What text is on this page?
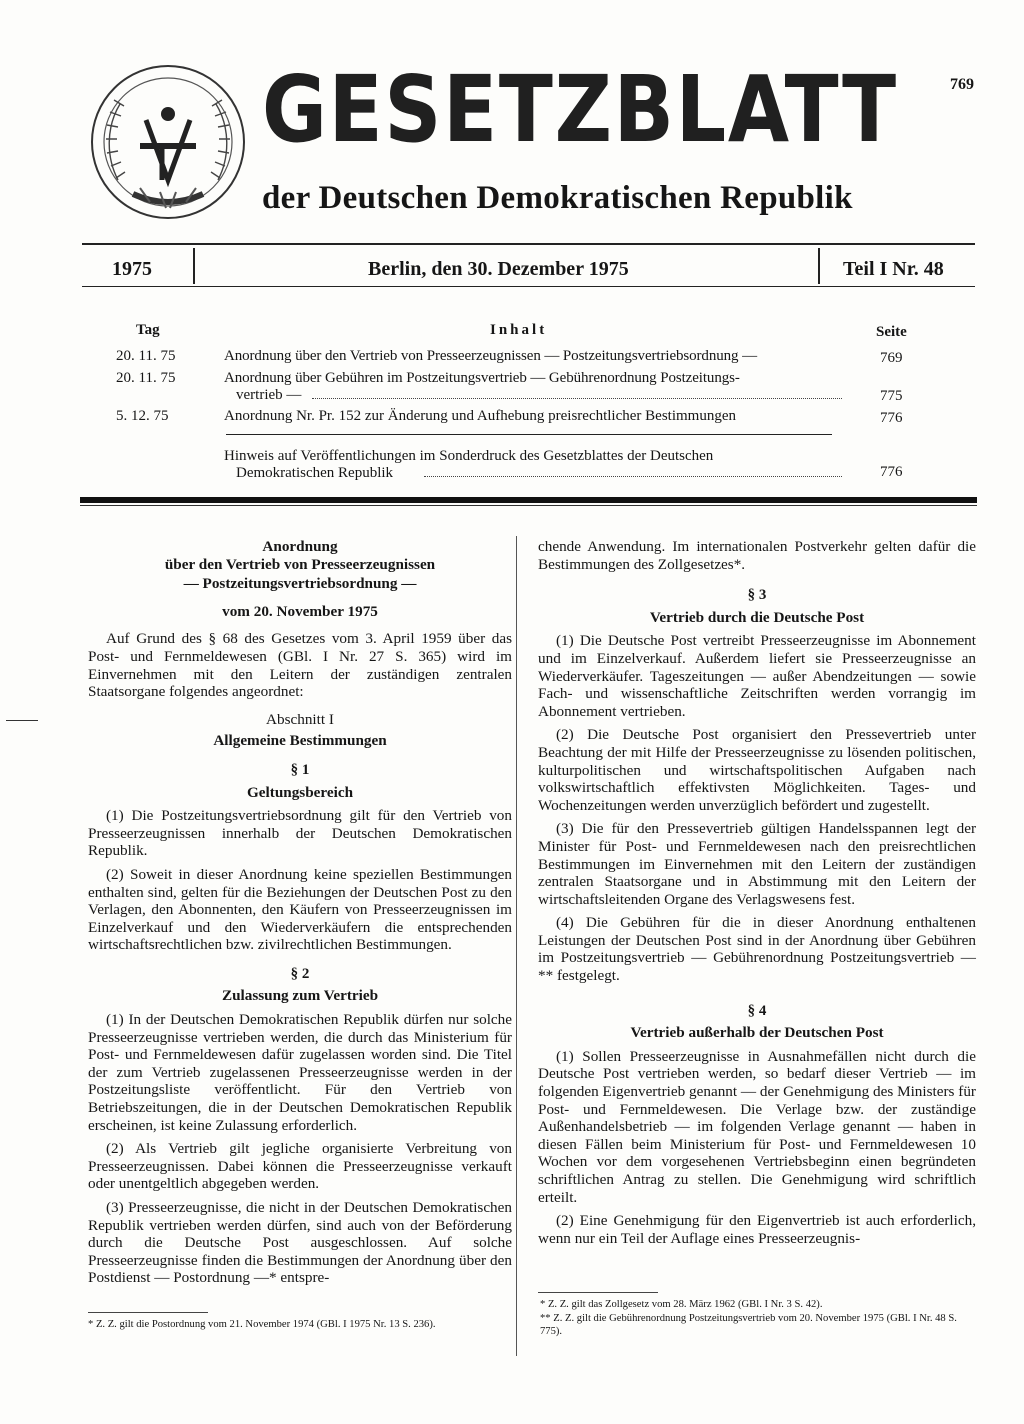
GESETZBLATT
der Deutschen Demokratischen Republik
769
1975	Berlin, den 30. Dezember 1975	Teil I Nr. 48
Tag	Inhalt	Seite
20. 11. 75	Anordnung über den Vertrieb von Presseerzeugnissen — Postzeitungsvertriebsordnung —	769
20. 11. 75	Anordnung über Gebühren im Postzeitungsvertrieb — Gebührenordnung Postzeitungs-
vertrieb —	775
5. 12. 75	Anordnung Nr. Pr. 152 zur Änderung und Aufhebung preisrechtlicher Bestimmungen	776
Hinweis auf Veröffentlichungen im Sonderdruck des Gesetzblattes der Deutschen
Demokratischen Republik	776
Anordnung
über den Vertrieb von Presseerzeugnissen
— Postzeitungsvertriebsordnung —
vom 20. November 1975

Auf Grund des § 68 des Gesetzes vom 3. April 1959 über das Post- und Fernmeldewesen (GBl. I Nr. 27 S. 365) wird im Einvernehmen mit den Leitern der zuständigen zentralen Staatsorgane folgendes angeordnet:

Abschnitt I
Allgemeine Bestimmungen
§ 1
Geltungsbereich

(1) Die Postzeitungsvertriebsordnung gilt für den Vertrieb von Presseerzeugnissen innerhalb der Deutschen Demokratischen Republik.

(2) Soweit in dieser Anordnung keine speziellen Bestimmungen enthalten sind, gelten für die Beziehungen der Deutschen Post zu den Verlagen, den Abonnenten, den Käufern von Presseerzeugnissen im Einzelverkauf und den Wiederverkäufern die entsprechenden wirtschaftsrechtlichen bzw. zivilrechtlichen Bestimmungen.

§ 2
Zulassung zum Vertrieb

(1) In der Deutschen Demokratischen Republik dürfen nur solche Presseerzeugnisse vertrieben werden, die durch das Ministerium für Post- und Fernmeldewesen dafür zugelassen worden sind. Die Titel der zum Vertrieb zugelassenen Presseerzeugnisse werden in der Postzeitungsliste veröffentlicht. Für den Vertrieb von Betriebszeitungen, die in der Deutschen Demokratischen Republik erscheinen, ist keine Zulassung erforderlich.

(2) Als Vertrieb gilt jegliche organisierte Verbreitung von Presseerzeugnissen. Dabei können die Presseerzeugnisse verkauft oder unentgeltlich abgegeben werden.

(3) Presseerzeugnisse, die nicht in der Deutschen Demokratischen Republik vertrieben werden dürfen, sind auch von der Beförderung durch die Deutsche Post ausgeschlossen. Auf solche Presseerzeugnisse finden die Bestimmungen der Anordnung über den Postdienst — Postordnung —* entspre-

* Z. Z. gilt die Postordnung vom 21. November 1974 (GBl. I 1975 Nr. 13 S. 236).

chende Anwendung. Im internationalen Postverkehr gelten dafür die Bestimmungen des Zollgesetzes*.

§ 3
Vertrieb durch die Deutsche Post

(1) Die Deutsche Post vertreibt Presseerzeugnisse im Abonnement und im Einzelverkauf. Außerdem liefert sie Presseerzeugnisse an Wiederverkäufer. Tageszeitungen — außer Abendzeitungen — sowie Fach- und wissenschaftliche Zeitschriften werden vorrangig im Abonnement vertrieben.

(2) Die Deutsche Post organisiert den Pressevertrieb unter Beachtung der mit Hilfe der Presseerzeugnisse zu lösenden politischen, kulturpolitischen und wirtschaftspolitischen Aufgaben nach volkswirtschaftlich effektivsten Möglichkeiten. Tages- und Wochenzeitungen werden unverzüglich befördert und zugestellt.

(3) Die für den Pressevertrieb gültigen Handelsspannen legt der Minister für Post- und Fernmeldewesen nach den preisrechtlichen Bestimmungen im Einvernehmen mit den Leitern der zuständigen zentralen Staatsorgane und in Abstimmung mit den Leitern der wirtschaftsleitenden Organe des Verlagswesens fest.

(4) Die Gebühren für die in dieser Anordnung enthaltenen Leistungen der Deutschen Post sind in der Anordnung über Gebühren im Postzeitungsvertrieb — Gebührenordnung Postzeitungsvertrieb —** festgelegt.

§ 4
Vertrieb außerhalb der Deutschen Post

(1) Sollen Presseerzeugnisse in Ausnahmefällen nicht durch die Deutsche Post vertrieben werden, so bedarf dieser Vertrieb — im folgenden Eigenvertrieb genannt — der Genehmigung des Ministers für Post- und Fernmeldewesen. Die Verlage bzw. der zuständige Außenhandelsbetrieb — im folgenden Verlage genannt — haben in diesen Fällen beim Ministerium für Post- und Fernmeldewesen 10 Wochen vor dem vorgesehenen Vertriebsbeginn einen begründeten schriftlichen Antrag zu stellen. Die Genehmigung wird schriftlich erteilt.

(2) Eine Genehmigung für den Eigenvertrieb ist auch erforderlich, wenn nur ein Teil der Auflage eines Presseerzeugnis-

* Z. Z. gilt das Zollgesetz vom 28. März 1962 (GBl. I Nr. 3 S. 42).
** Z. Z. gilt die Gebührenordnung Postzeitungsvertrieb vom 20. November 1975 (GBl. I Nr. 48 S. 775).
